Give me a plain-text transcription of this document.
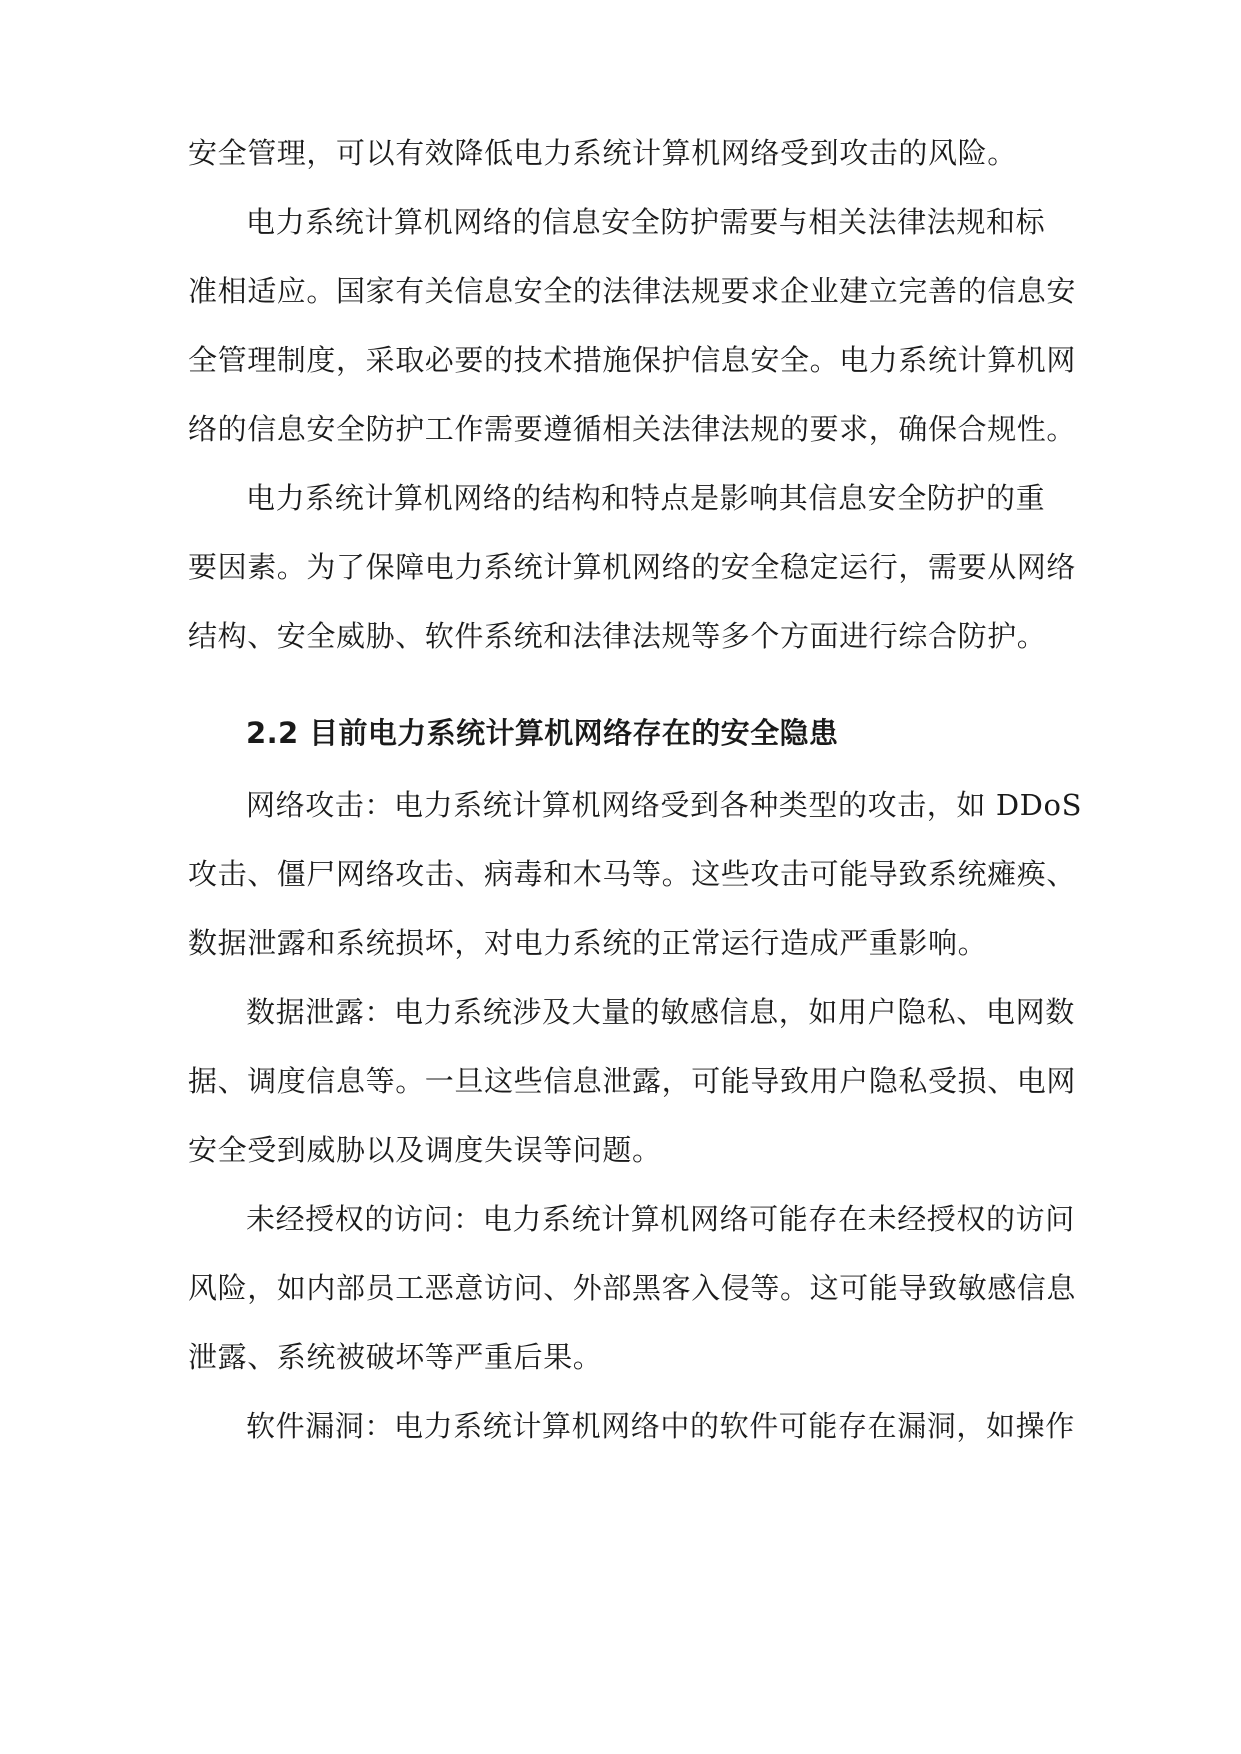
安全管理，可以有效降低电力系统计算机网络受到攻击的风险。
电力系统计算机网络的信息安全防护需要与相关法律法规和标
准相适应。国家有关信息安全的法律法规要求企业建立完善的信息安
全管理制度，采取必要的技术措施保护信息安全。电力系统计算机网
络的信息安全防护工作需要遵循相关法律法规的要求，确保合规性。
电力系统计算机网络的结构和特点是影响其信息安全防护的重
要因素。为了保障电力系统计算机网络的安全稳定运行，需要从网络
结构、安全威胁、软件系统和法律法规等多个方面进行综合防护。
2.2 目前电力系统计算机网络存在的安全隐患
网络攻击：电力系统计算机网络受到各种类型的攻击，如 DDoS
攻击、僵尸网络攻击、病毒和木马等。这些攻击可能导致系统瘫痪、
数据泄露和系统损坏，对电力系统的正常运行造成严重影响。
数据泄露：电力系统涉及大量的敏感信息，如用户隐私、电网数
据、调度信息等。一旦这些信息泄露，可能导致用户隐私受损、电网
安全受到威胁以及调度失误等问题。
未经授权的访问：电力系统计算机网络可能存在未经授权的访问
风险，如内部员工恶意访问、外部黑客入侵等。这可能导致敏感信息
泄露、系统被破坏等严重后果。
软件漏洞：电力系统计算机网络中的软件可能存在漏洞，如操作
